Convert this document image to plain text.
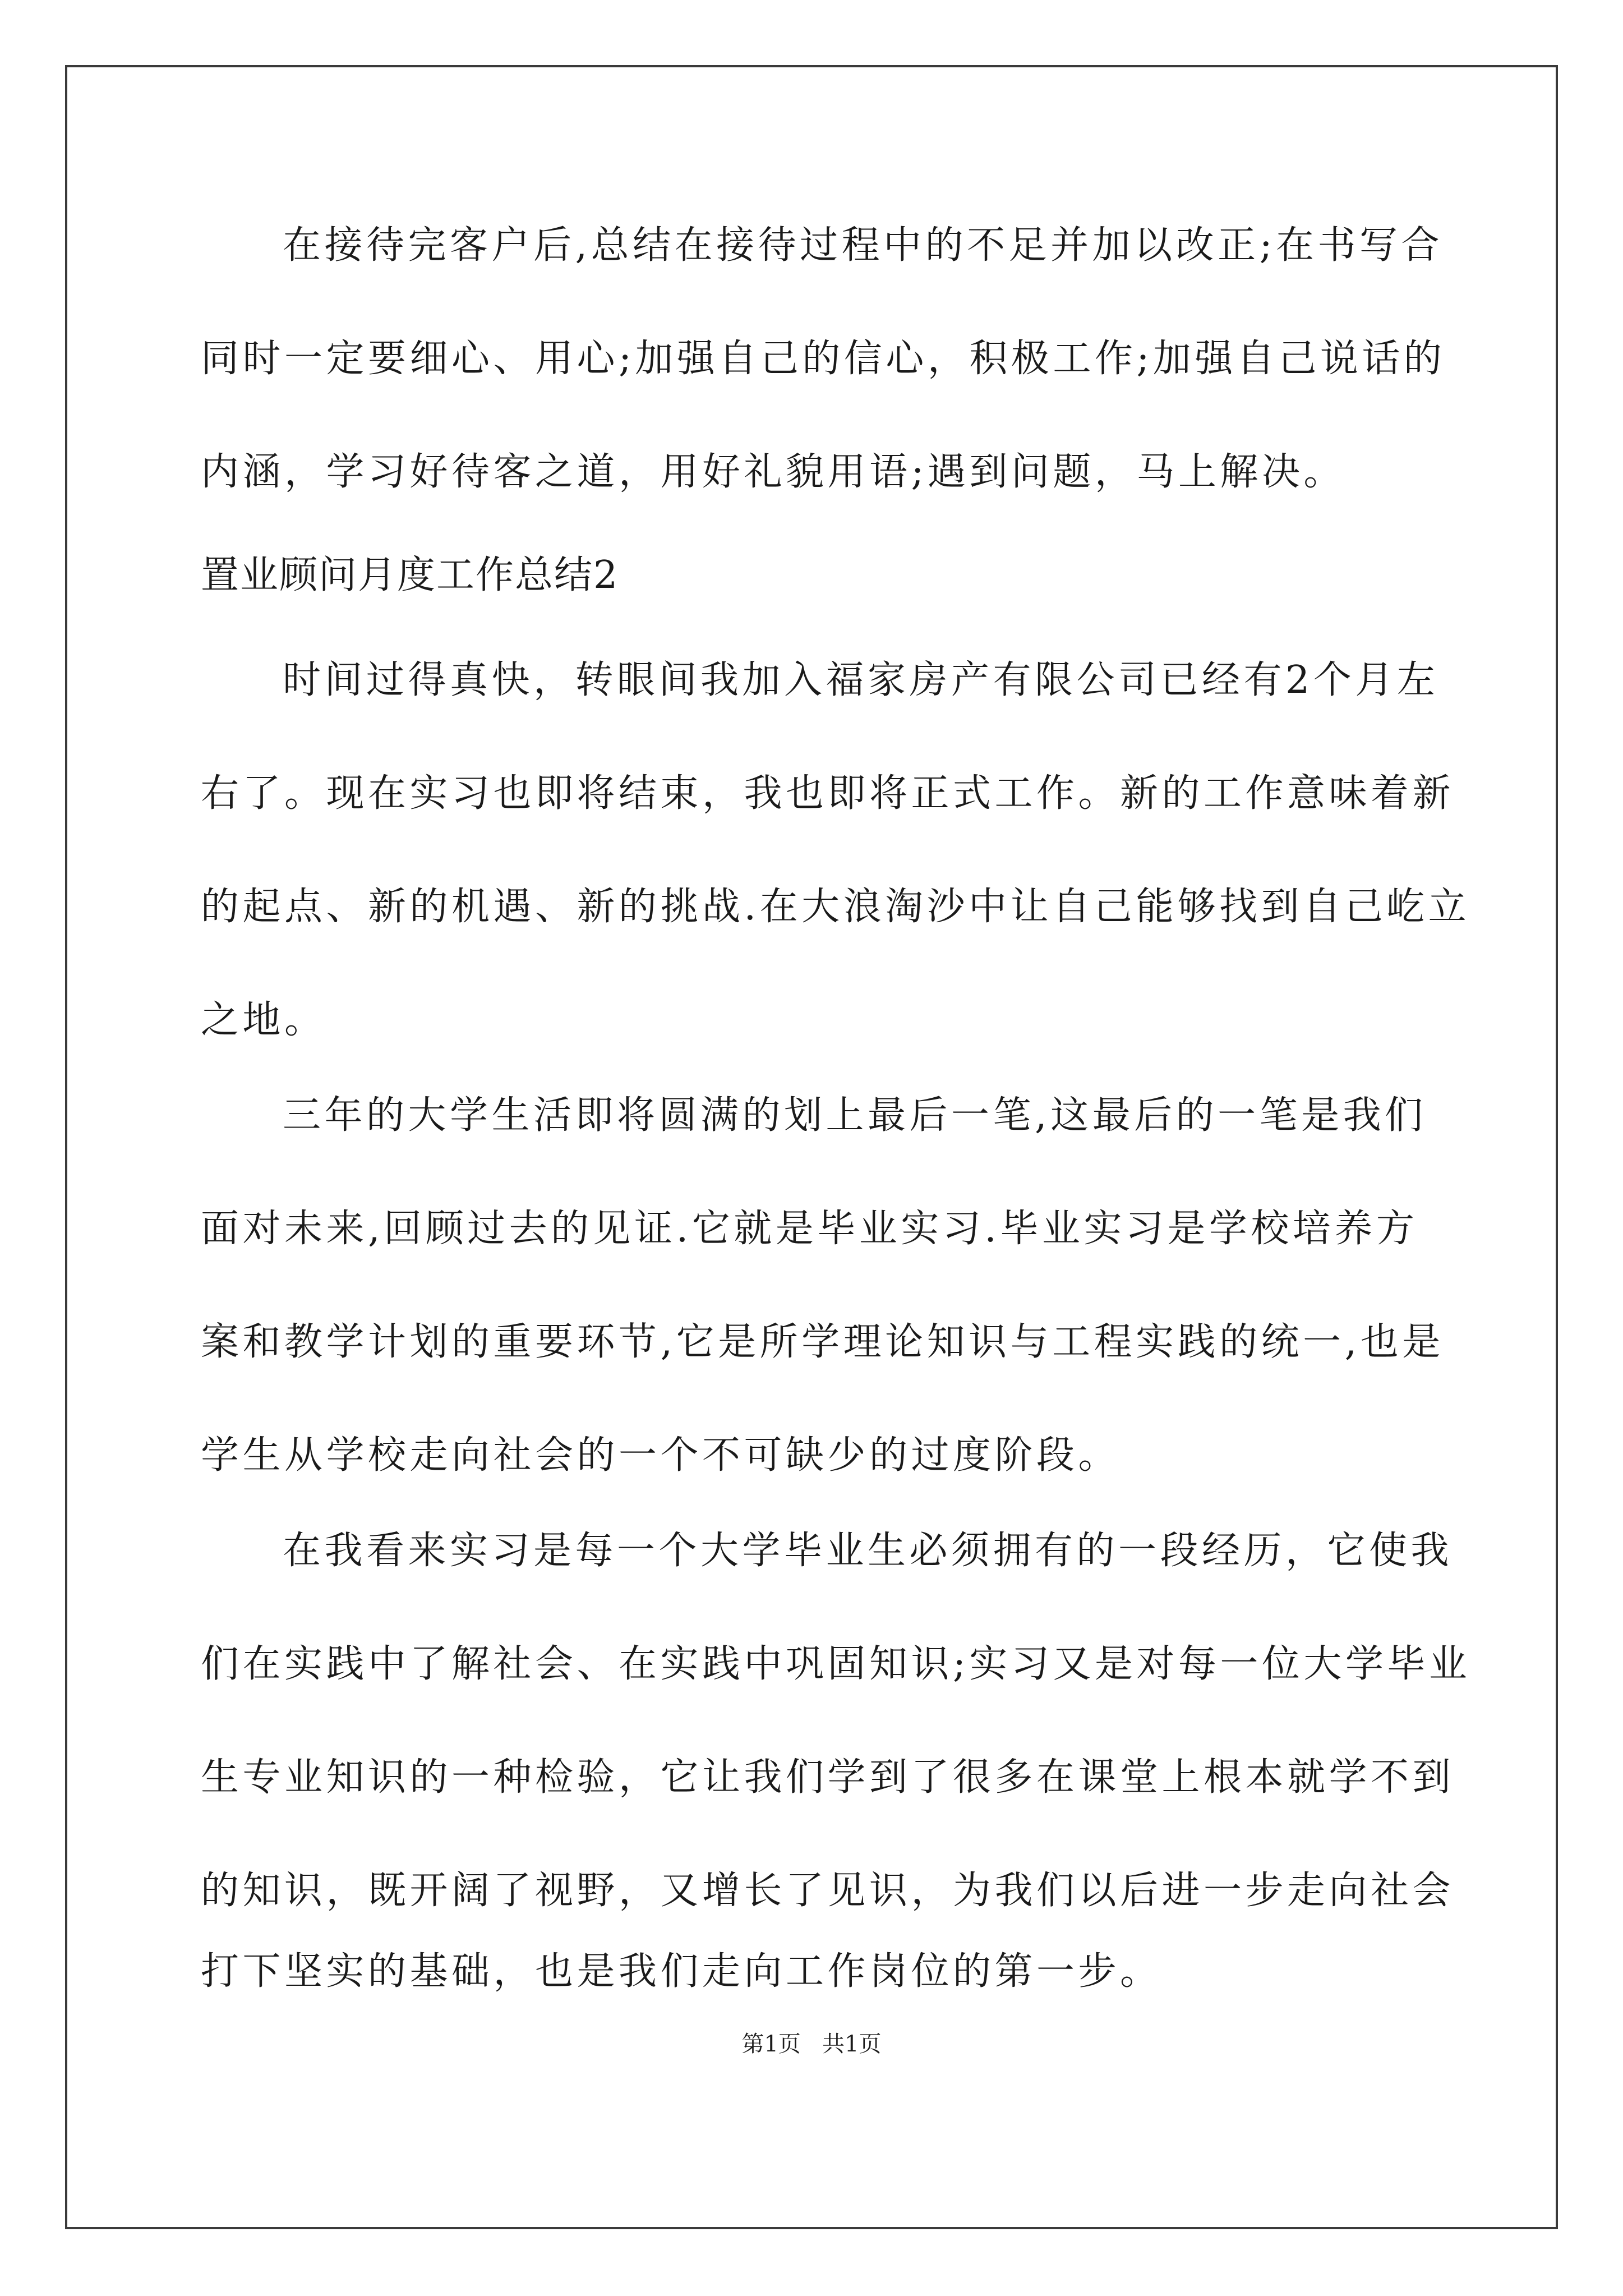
在接待完客户后,总结在接待过程中的不足并加以改正;在书写合
同时一定要细心、用心;加强自己的信心，积极工作;加强自己说话的
内涵，学习好待客之道，用好礼貌用语;遇到问题，马上解决。
置业顾问月度工作总结2
时间过得真快，转眼间我加入福家房产有限公司已经有2个月左
右了。现在实习也即将结束，我也即将正式工作。新的工作意味着新
的起点、新的机遇、新的挑战.在大浪淘沙中让自己能够找到自己屹立
之地。
三年的大学生活即将圆满的划上最后一笔,这最后的一笔是我们
面对未来,回顾过去的见证.它就是毕业实习.毕业实习是学校培养方
案和教学计划的重要环节,它是所学理论知识与工程实践的统一,也是
学生从学校走向社会的一个不可缺少的过度阶段。
在我看来实习是每一个大学毕业生必须拥有的一段经历，它使我
们在实践中了解社会、在实践中巩固知识;实习又是对每一位大学毕业
生专业知识的一种检验，它让我们学到了很多在课堂上根本就学不到
的知识，既开阔了视野，又增长了见识，为我们以后进一步走向社会
打下坚实的基础，也是我们走向工作岗位的第一步。
第1页   共1页
